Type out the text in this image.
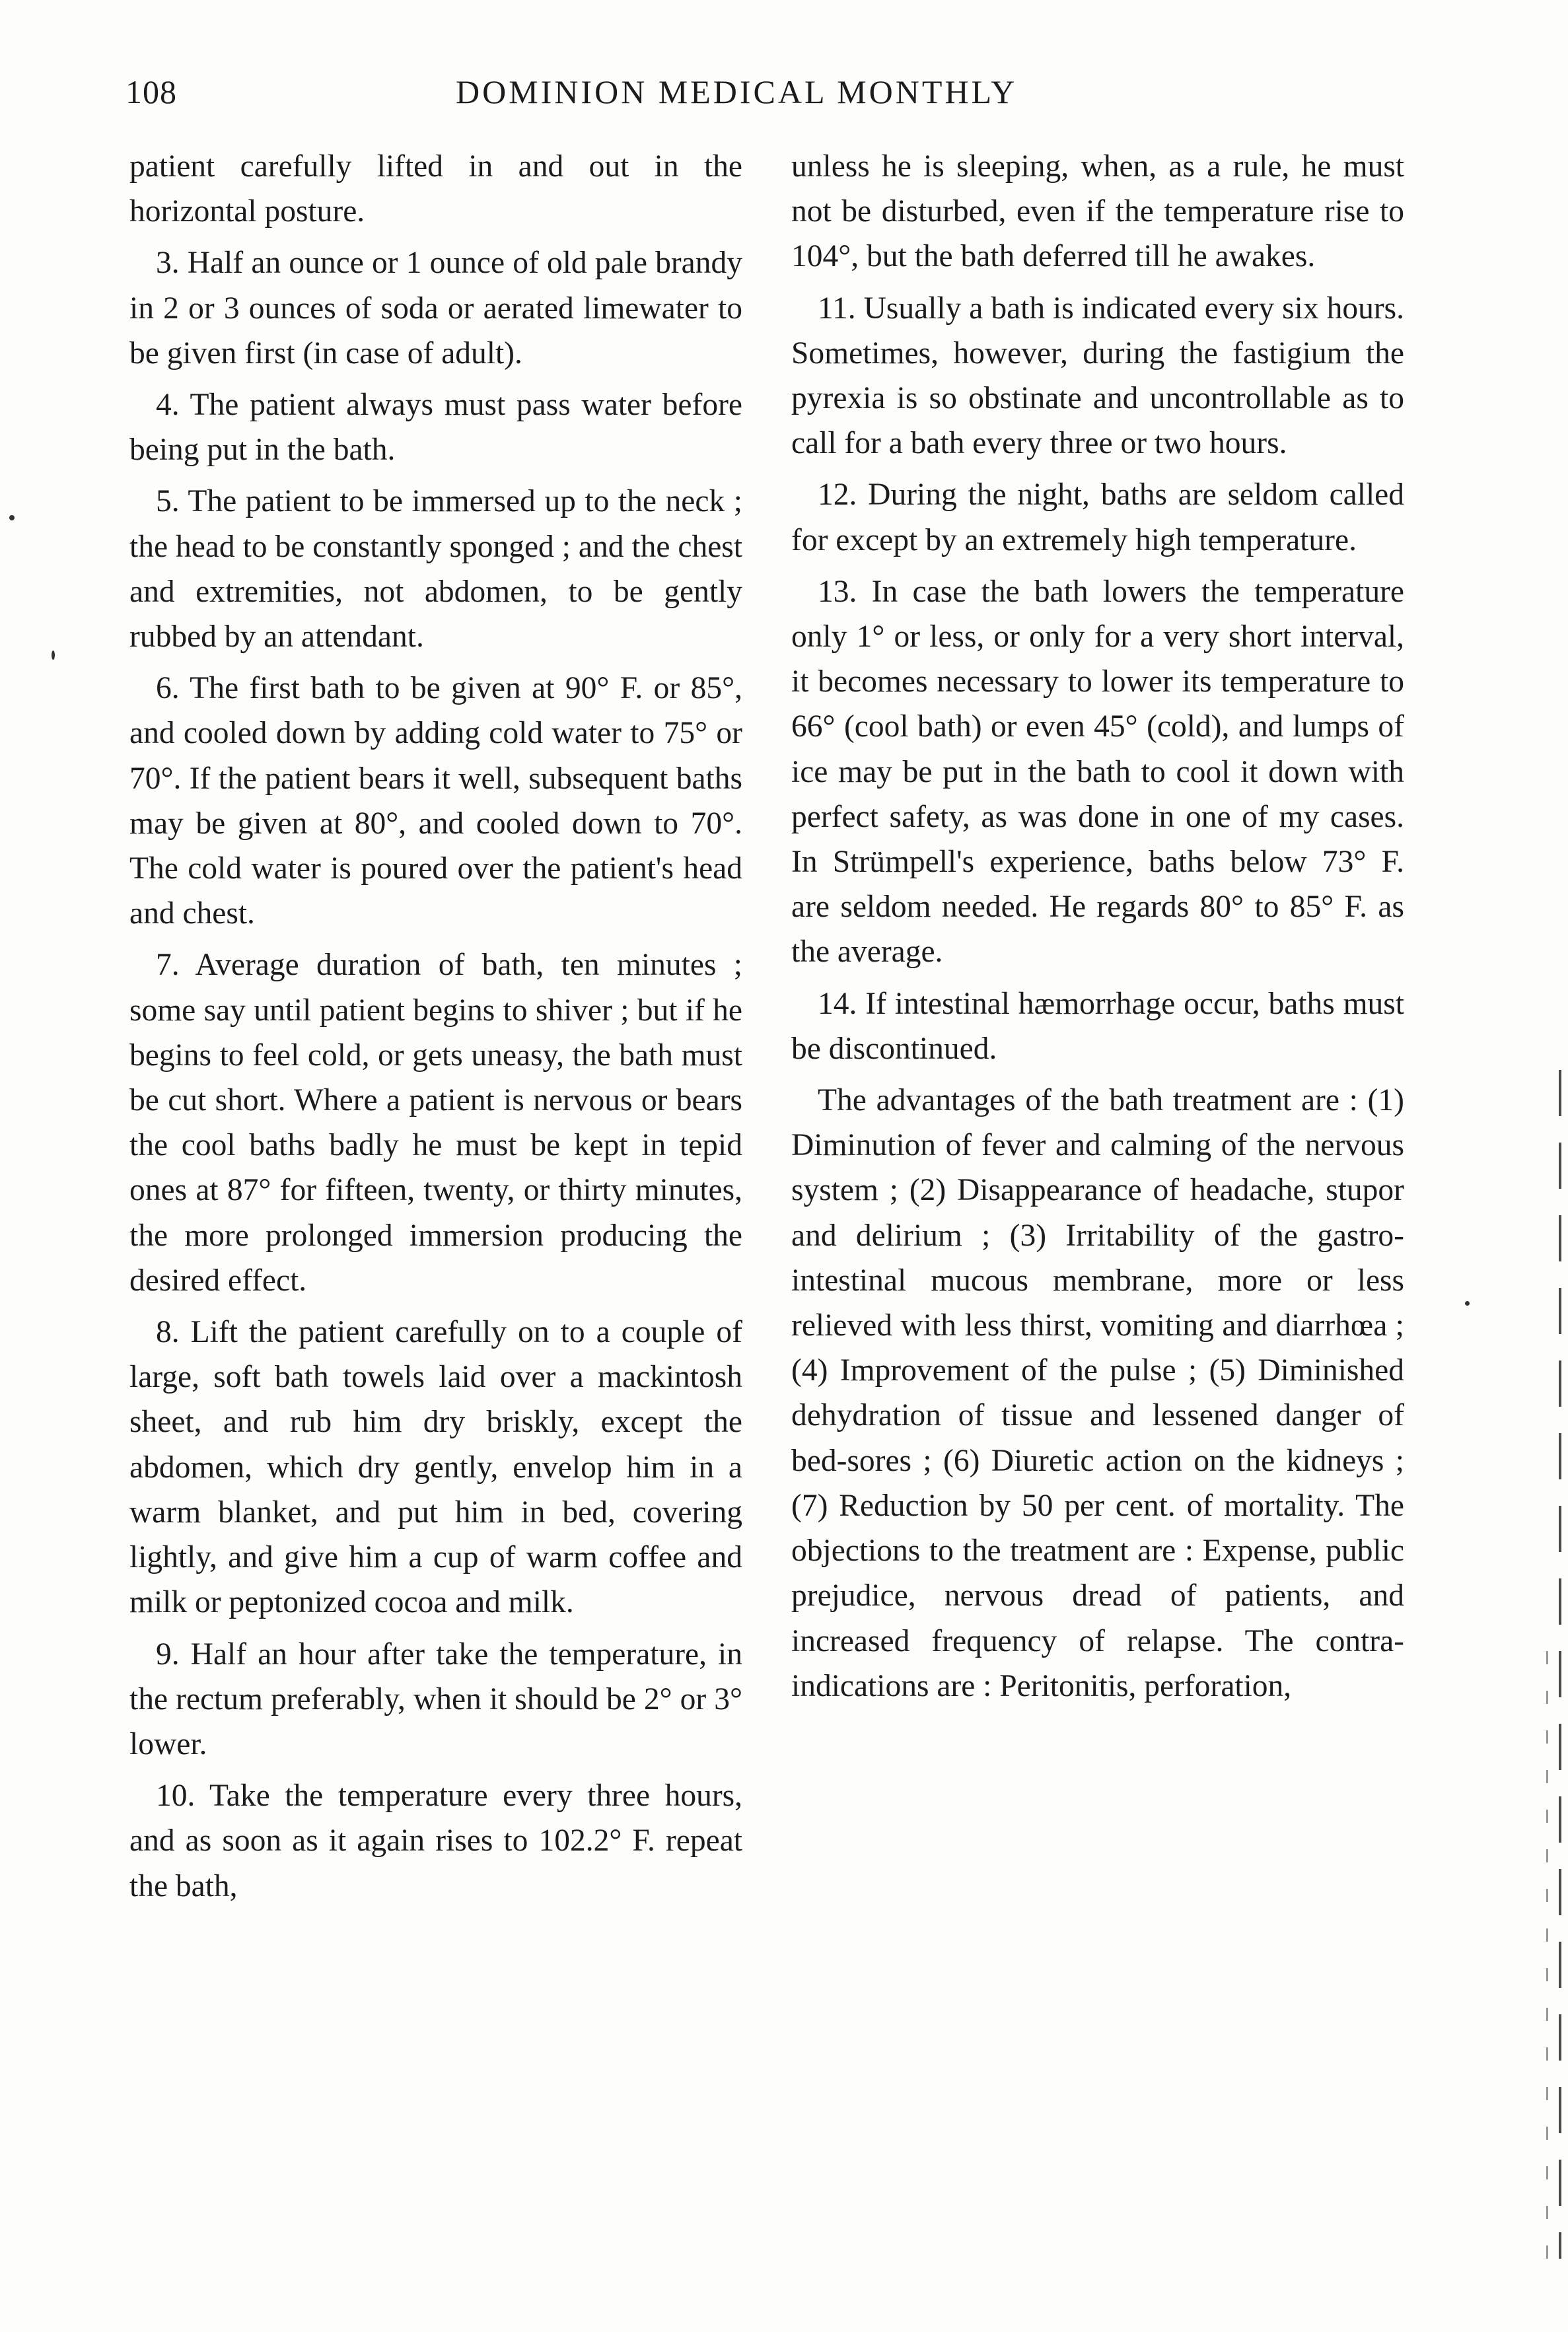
108	DOMINION MEDICAL MONTHLY

patient carefully lifted in and out in the horizontal posture.

3. Half an ounce or 1 ounce of old pale brandy in 2 or 3 ounces of soda or aerated limewater to be given first (in case of adult).

4. The patient always must pass water before being put in the bath.

5. The patient to be immersed up to the neck ; the head to be constantly sponged ; and the chest and extremities, not abdomen, to be gently rubbed by an attendant.

6. The first bath to be given at 90° F. or 85°, and cooled down by adding cold water to 75° or 70°. If the patient bears it well, subsequent baths may be given at 80°, and cooled down to 70°. The cold water is poured over the patient's head and chest.

7. Average duration of bath, ten minutes ; some say until patient begins to shiver ; but if he begins to feel cold, or gets uneasy, the bath must be cut short. Where a patient is nervous or bears the cool baths badly he must be kept in tepid ones at 87° for fifteen, twenty, or thirty minutes, the more prolonged immersion producing the desired effect.

8. Lift the patient carefully on to a couple of large, soft bath towels laid over a mackintosh sheet, and rub him dry briskly, except the abdomen, which dry gently, envelop him in a warm blanket, and put him in bed, covering lightly, and give him a cup of warm coffee and milk or peptonized cocoa and milk.

9. Half an hour after take the temperature, in the rectum preferably, when it should be 2° or 3° lower.

10. Take the temperature every three hours, and as soon as it again rises to 102.2° F. repeat the bath,

unless he is sleeping, when, as a rule, he must not be disturbed, even if the temperature rise to 104°, but the bath deferred till he awakes.

11. Usually a bath is indicated every six hours. Sometimes, however, during the fastigium the pyrexia is so obstinate and uncontrollable as to call for a bath every three or two hours.

12. During the night, baths are seldom called for except by an extremely high temperature.

13. In case the bath lowers the temperature only 1° or less, or only for a very short interval, it becomes necessary to lower its temperature to 66° (cool bath) or even 45° (cold), and lumps of ice may be put in the bath to cool it down with perfect safety, as was done in one of my cases. In Strümpell's experience, baths below 73° F. are seldom needed. He regards 80° to 85° F. as the average.

14. If intestinal hæmorrhage occur, baths must be discontinued.

The advantages of the bath treatment are : (1) Diminution of fever and calming of the nervous system ; (2) Disappearance of headache, stupor and delirium ; (3) Irritability of the gastro-intestinal mucous membrane, more or less relieved with less thirst, vomiting and diarrhœa ; (4) Improvement of the pulse ; (5) Diminished dehydration of tissue and lessened danger of bed-sores ; (6) Diuretic action on the kidneys ; (7) Reduction by 50 per cent. of mortality. The objections to the treatment are : Expense, public prejudice, nervous dread of patients, and increased frequency of relapse. The contra-indications are : Peritonitis, perforation,
